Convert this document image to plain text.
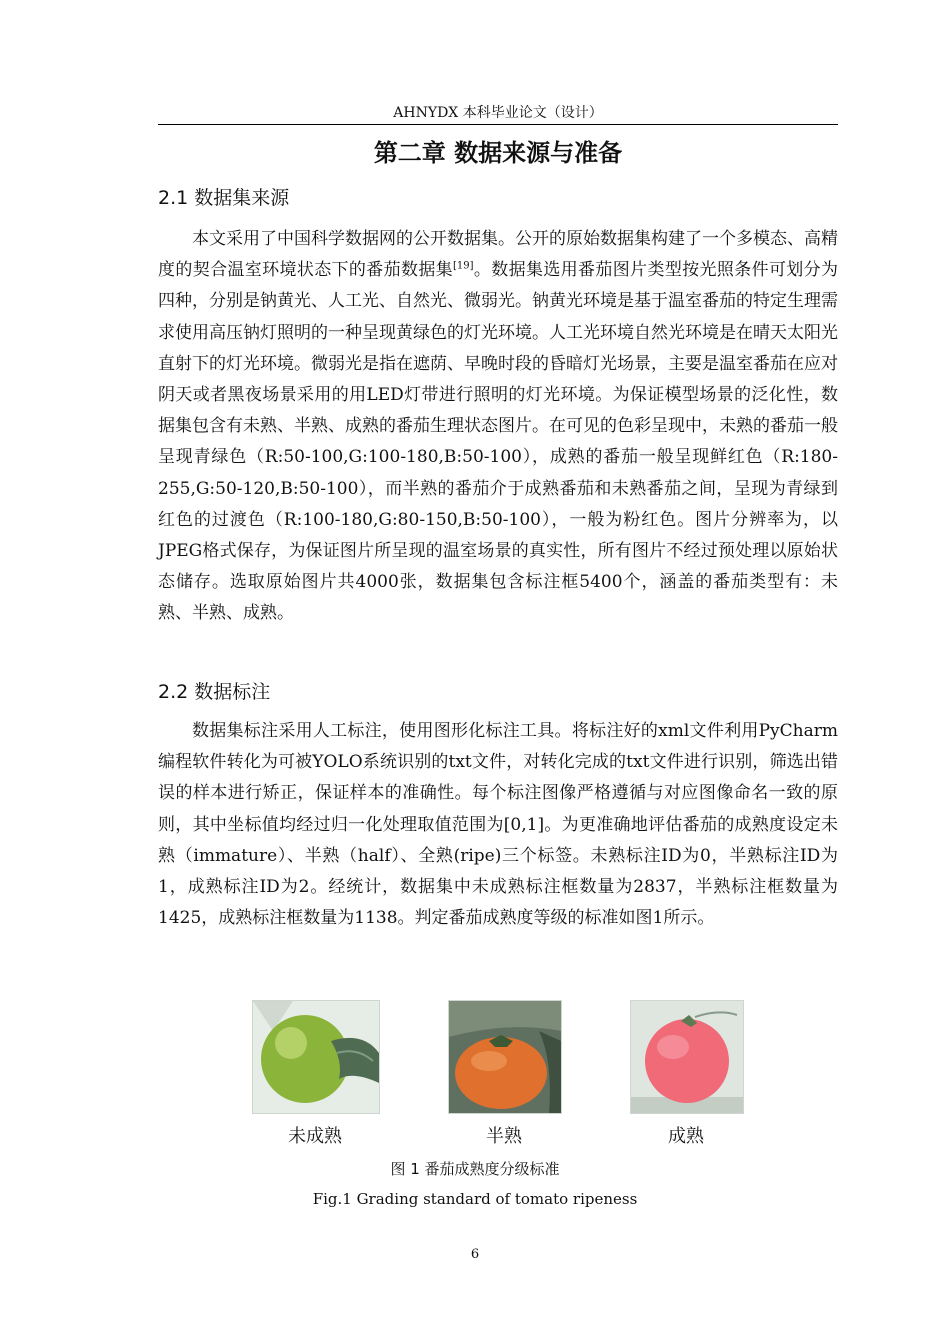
AHNYDX 本科毕业论文（设计）
第二章 数据来源与准备
2.1 数据集来源

本文采用了中国科学数据网的公开数据集。公开的原始数据集构建了一个多模态、高精度的契合温室环境状态下的番茄数据集[19]。数据集选用番茄图片类型按光照条件可划分为四种，分别是钠黄光、人工光、自然光、微弱光。钠黄光环境是基于温室番茄的特定生理需求使用高压钠灯照明的一种呈现黄绿色的灯光环境。人工光环境自然光环境是在晴天太阳光直射下的灯光环境。微弱光是指在遮荫、早晚时段的昏暗灯光场景，主要是温室番茄在应对阴天或者黑夜场景采用的用LED灯带进行照明的灯光环境。为保证模型场景的泛化性，数据集包含有未熟、半熟、成熟的番茄生理状态图片。在可见的色彩呈现中，未熟的番茄一般呈现青绿色（R:50-100,G:100-180,B:50-100），成熟的番茄一般呈现鲜红色（R:180-255,G:50-120,B:50-100），而半熟的番茄介于成熟番茄和未熟番茄之间，呈现为青绿到红色的过渡色（R:100-180,G:80-150,B:50-100），一般为粉红色。图片分辨率为，以JPEG格式保存，为保证图片所呈现的温室场景的真实性，所有图片不经过预处理以原始状态储存。选取原始图片共4000张，数据集包含标注框5400个，涵盖的番茄类型有：未熟、半熟、成熟。

2.2 数据标注

数据集标注采用人工标注，使用图形化标注工具。将标注好的xml文件利用PyCharm编程软件转化为可被YOLO系统识别的txt文件，对转化完成的txt文件进行识别，筛选出错误的样本进行矫正，保证样本的准确性。每个标注图像严格遵循与对应图像命名一致的原则，其中坐标值均经过归一化处理取值范围为[0,1]。为更准确地评估番茄的成熟度设定未熟（immature）、半熟（half）、全熟(ripe)三个标签。未熟标注ID为0，半熟标注ID为1，成熟标注ID为2。经统计，数据集中未成熟标注框数量为2837，半熟标注框数量为1425，成熟标注框数量为1138。判定番茄成熟度等级的标准如图1所示。

未成熟	半熟	成熟
图 1 番茄成熟度分级标准
Fig.1 Grading standard of tomato ripeness
6
